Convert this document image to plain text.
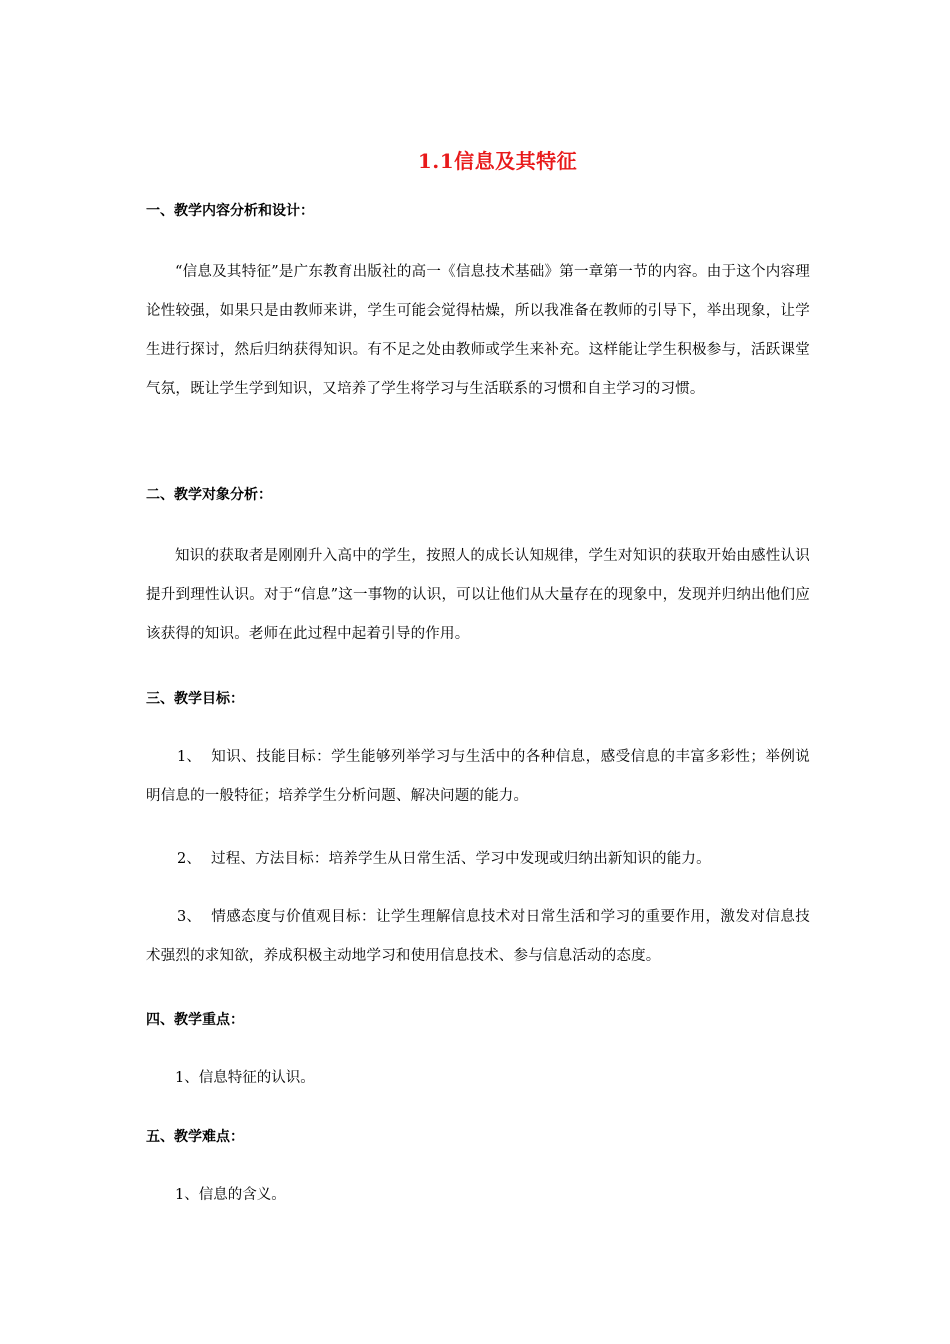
1.1信息及其特征
一、教学内容分析和设计：
“信息及其特征”是广东教育出版社的高一《信息技术基础》第一章第一节的内容。由于这个内容理论性较强，如果只是由教师来讲，学生可能会觉得枯燥，所以我准备在教师的引导下，举出现象，让学生进行探讨，然后归纳获得知识。有不足之处由教师或学生来补充。这样能让学生积极参与，活跃课堂气氛，既让学生学到知识，又培养了学生将学习与生活联系的习惯和自主学习的习惯。
二、教学对象分析：
知识的获取者是刚刚升入高中的学生，按照人的成长认知规律，学生对知识的获取开始由感性认识提升到理性认识。对于“信息”这一事物的认识，可以让他们从大量存在的现象中，发现并归纳出他们应该获得的知识。老师在此过程中起着引导的作用。
三、教学目标：
1、 知识、技能目标：学生能够列举学习与生活中的各种信息，感受信息的丰富多彩性；举例说明信息的一般特征；培养学生分析问题、解决问题的能力。
2、 过程、方法目标：培养学生从日常生活、学习中发现或归纳出新知识的能力。
3、 情感态度与价值观目标：让学生理解信息技术对日常生活和学习的重要作用，激发对信息技术强烈的求知欲，养成积极主动地学习和使用信息技术、参与信息活动的态度。
四、教学重点：
1、信息特征的认识。
五、教学难点：
1、信息的含义。
